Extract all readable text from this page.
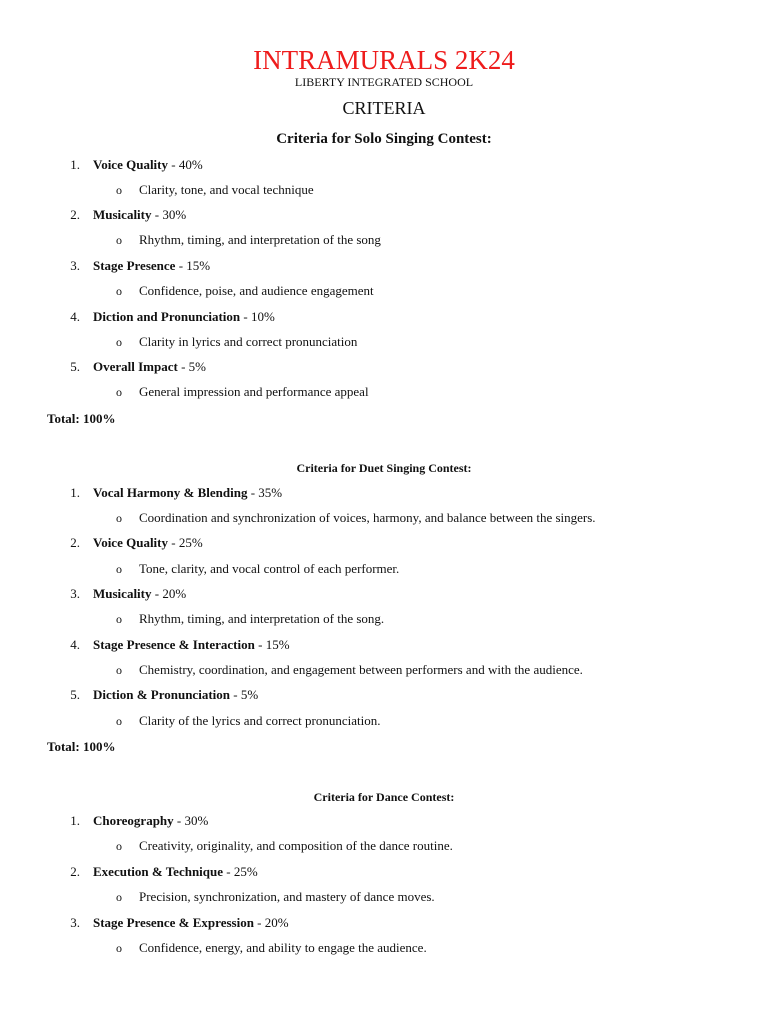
INTRAMURALS 2K24
LIBERTY INTEGRATED SCHOOL
CRITERIA
Criteria for Solo Singing Contest:
1. Voice Quality - 40%
o Clarity, tone, and vocal technique
2. Musicality - 30%
o Rhythm, timing, and interpretation of the song
3. Stage Presence - 15%
o Confidence, poise, and audience engagement
4. Diction and Pronunciation - 10%
o Clarity in lyrics and correct pronunciation
5. Overall Impact - 5%
o General impression and performance appeal
Total: 100%
Criteria for Duet Singing Contest:
1. Vocal Harmony & Blending - 35%
o Coordination and synchronization of voices, harmony, and balance between the singers.
2. Voice Quality - 25%
o Tone, clarity, and vocal control of each performer.
3. Musicality - 20%
o Rhythm, timing, and interpretation of the song.
4. Stage Presence & Interaction - 15%
o Chemistry, coordination, and engagement between performers and with the audience.
5. Diction & Pronunciation - 5%
o Clarity of the lyrics and correct pronunciation.
Total: 100%
Criteria for Dance Contest:
1. Choreography - 30%
o Creativity, originality, and composition of the dance routine.
2. Execution & Technique - 25%
o Precision, synchronization, and mastery of dance moves.
3. Stage Presence & Expression - 20%
o Confidence, energy, and ability to engage the audience.
